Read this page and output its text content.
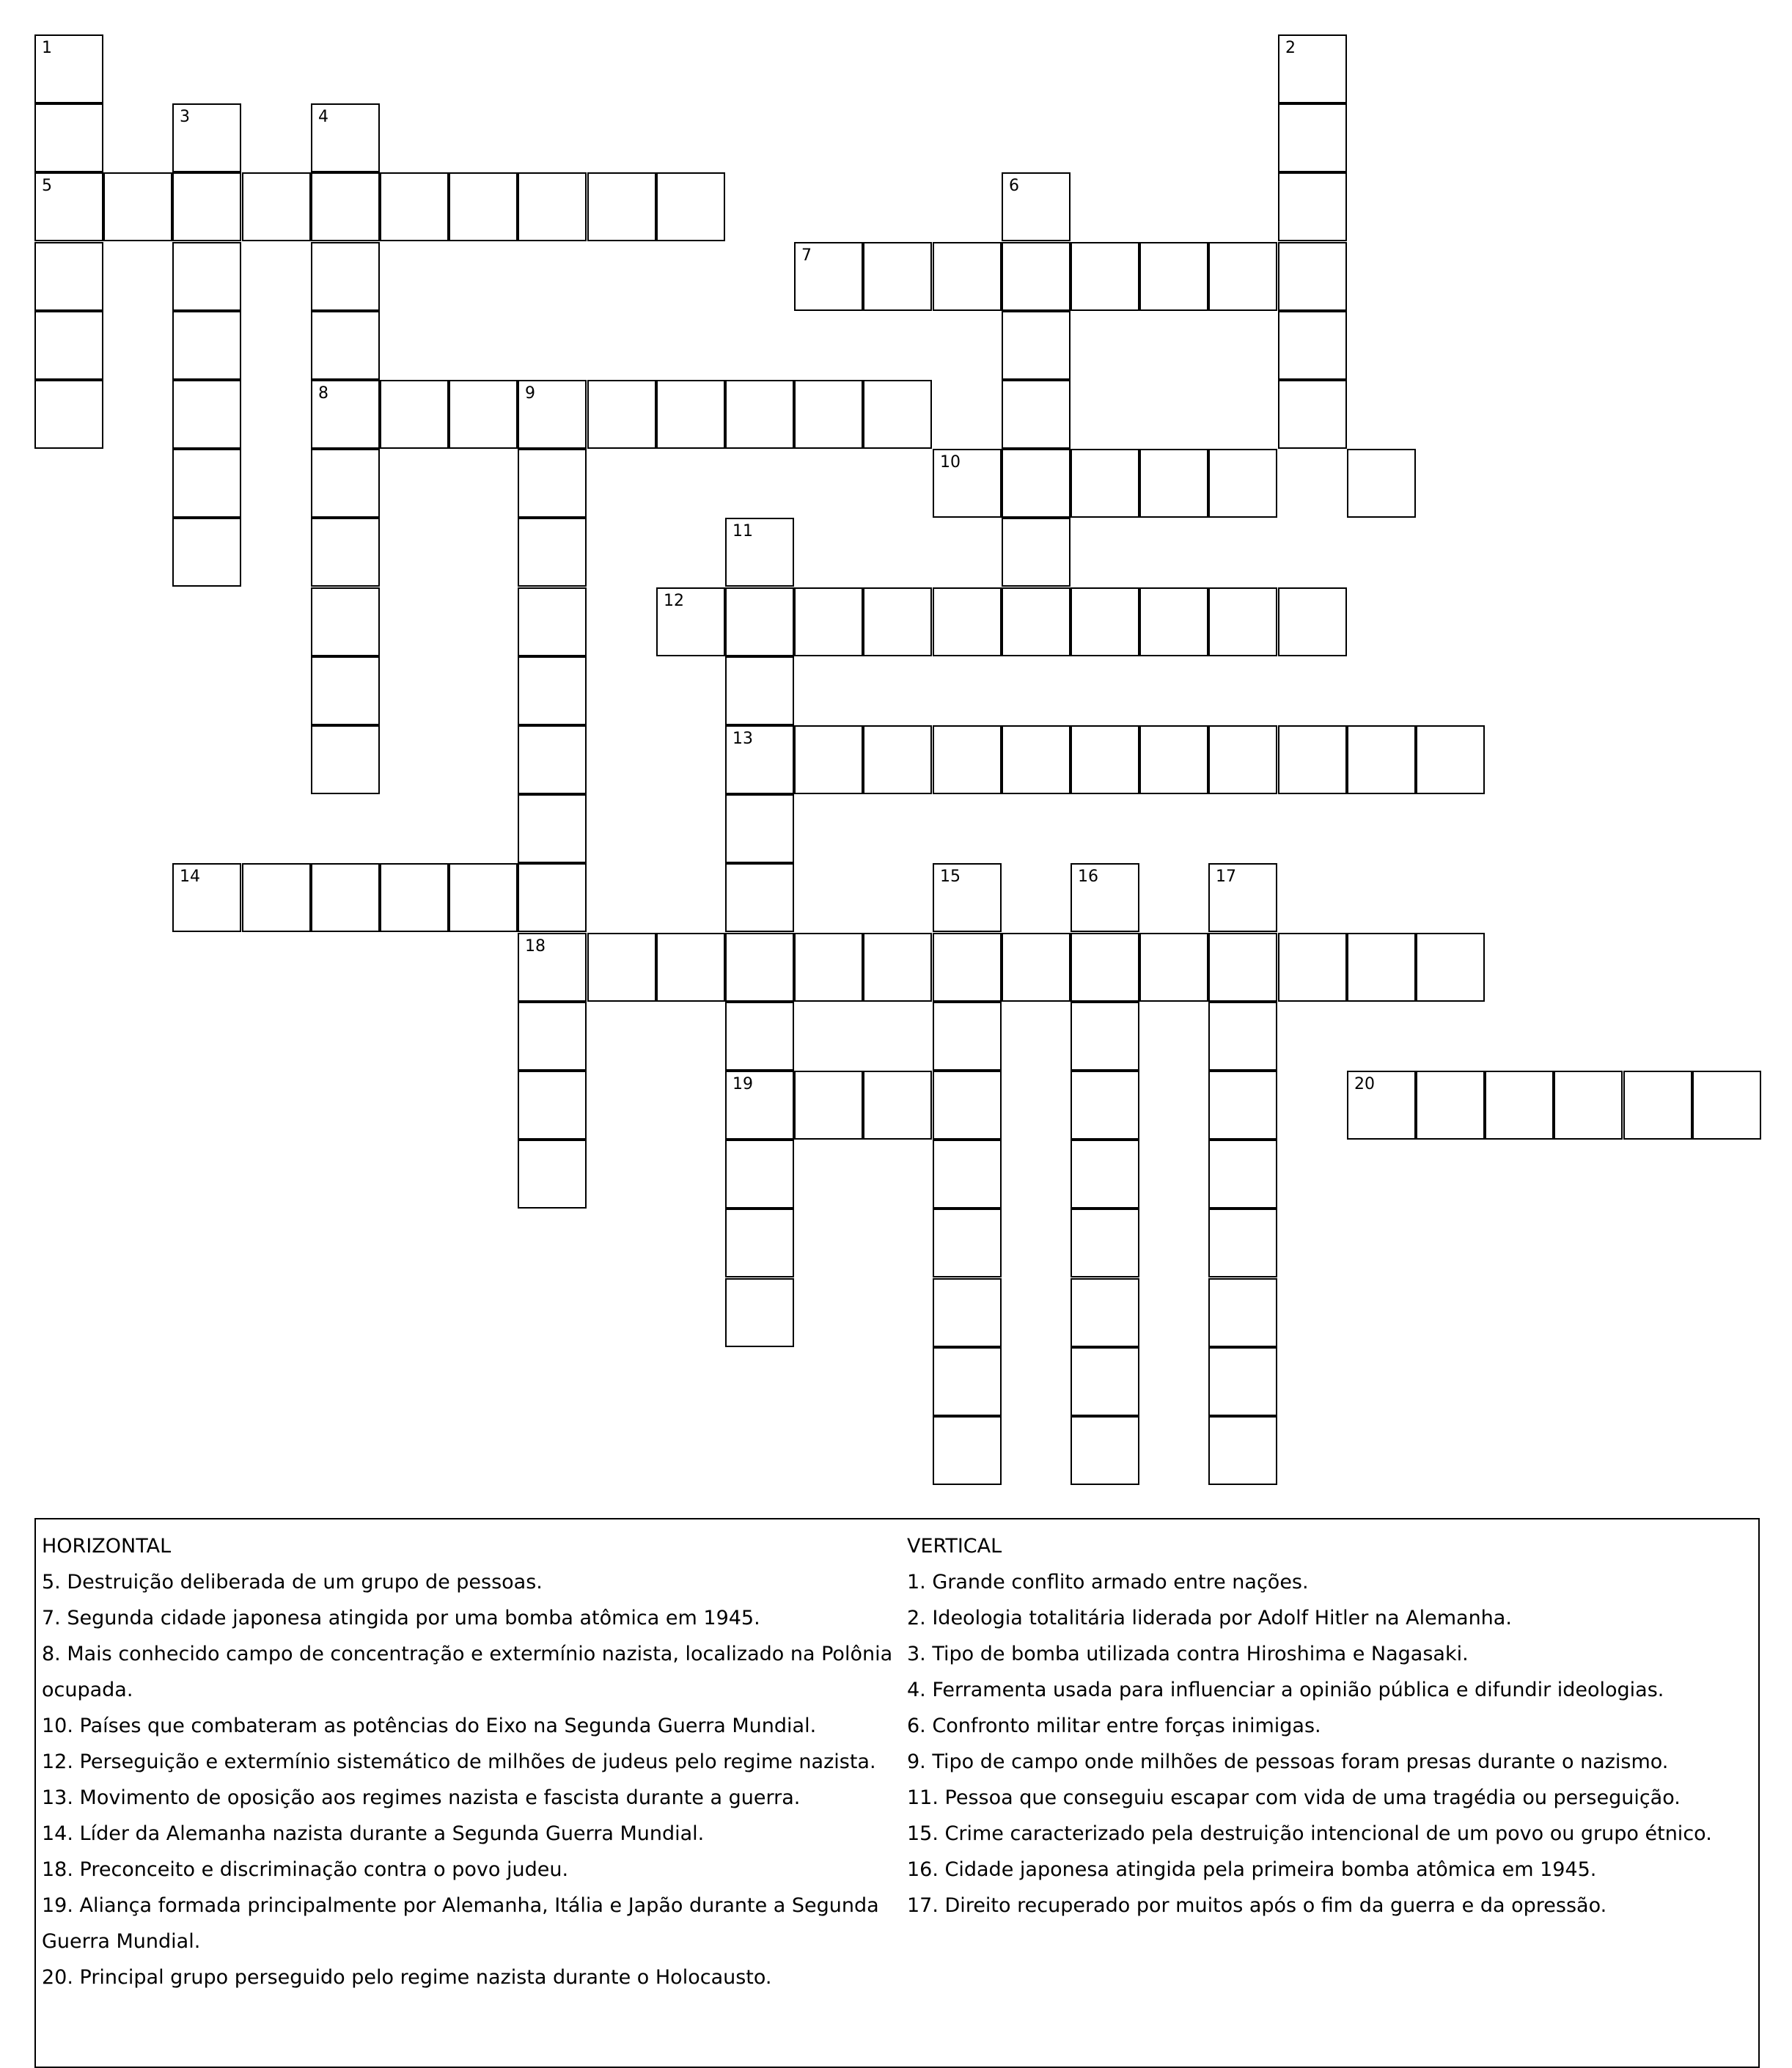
1
5
2
3	4
8
6
7
9
18
10
11
13
19
12
14	15	16	17
20
HORIZONTAL
5. Destruição deliberada de um grupo de pessoas.
7. Segunda cidade japonesa atingida por uma bomba atômica em 1945.
8. Mais conhecido campo de concentração e extermínio nazista, localizado na Polônia ocupada.
10. Países que combateram as potências do Eixo na Segunda Guerra Mundial.
12. Perseguição e extermínio sistemático de milhões de judeus pelo regime nazista.
13. Movimento de oposição aos regimes nazista e fascista durante a guerra.
14. Líder da Alemanha nazista durante a Segunda Guerra Mundial.
18. Preconceito e discriminação contra o povo judeu.
19. Aliança formada principalmente por Alemanha, Itália e Japão durante a Segunda Guerra Mundial.
20. Principal grupo perseguido pelo regime nazista durante o Holocausto.
VERTICAL
1. Grande conflito armado entre nações.
2. Ideologia totalitária liderada por Adolf Hitler na Alemanha.
3. Tipo de bomba utilizada contra Hiroshima e Nagasaki.
4. Ferramenta usada para influenciar a opinião pública e difundir ideologias.
6. Confronto militar entre forças inimigas.
9. Tipo de campo onde milhões de pessoas foram presas durante o nazismo.
11. Pessoa que conseguiu escapar com vida de uma tragédia ou perseguição.
15. Crime caracterizado pela destruição intencional de um povo ou grupo étnico.
16. Cidade japonesa atingida pela primeira bomba atômica em 1945.
17. Direito recuperado por muitos após o fim da guerra e da opressão.
